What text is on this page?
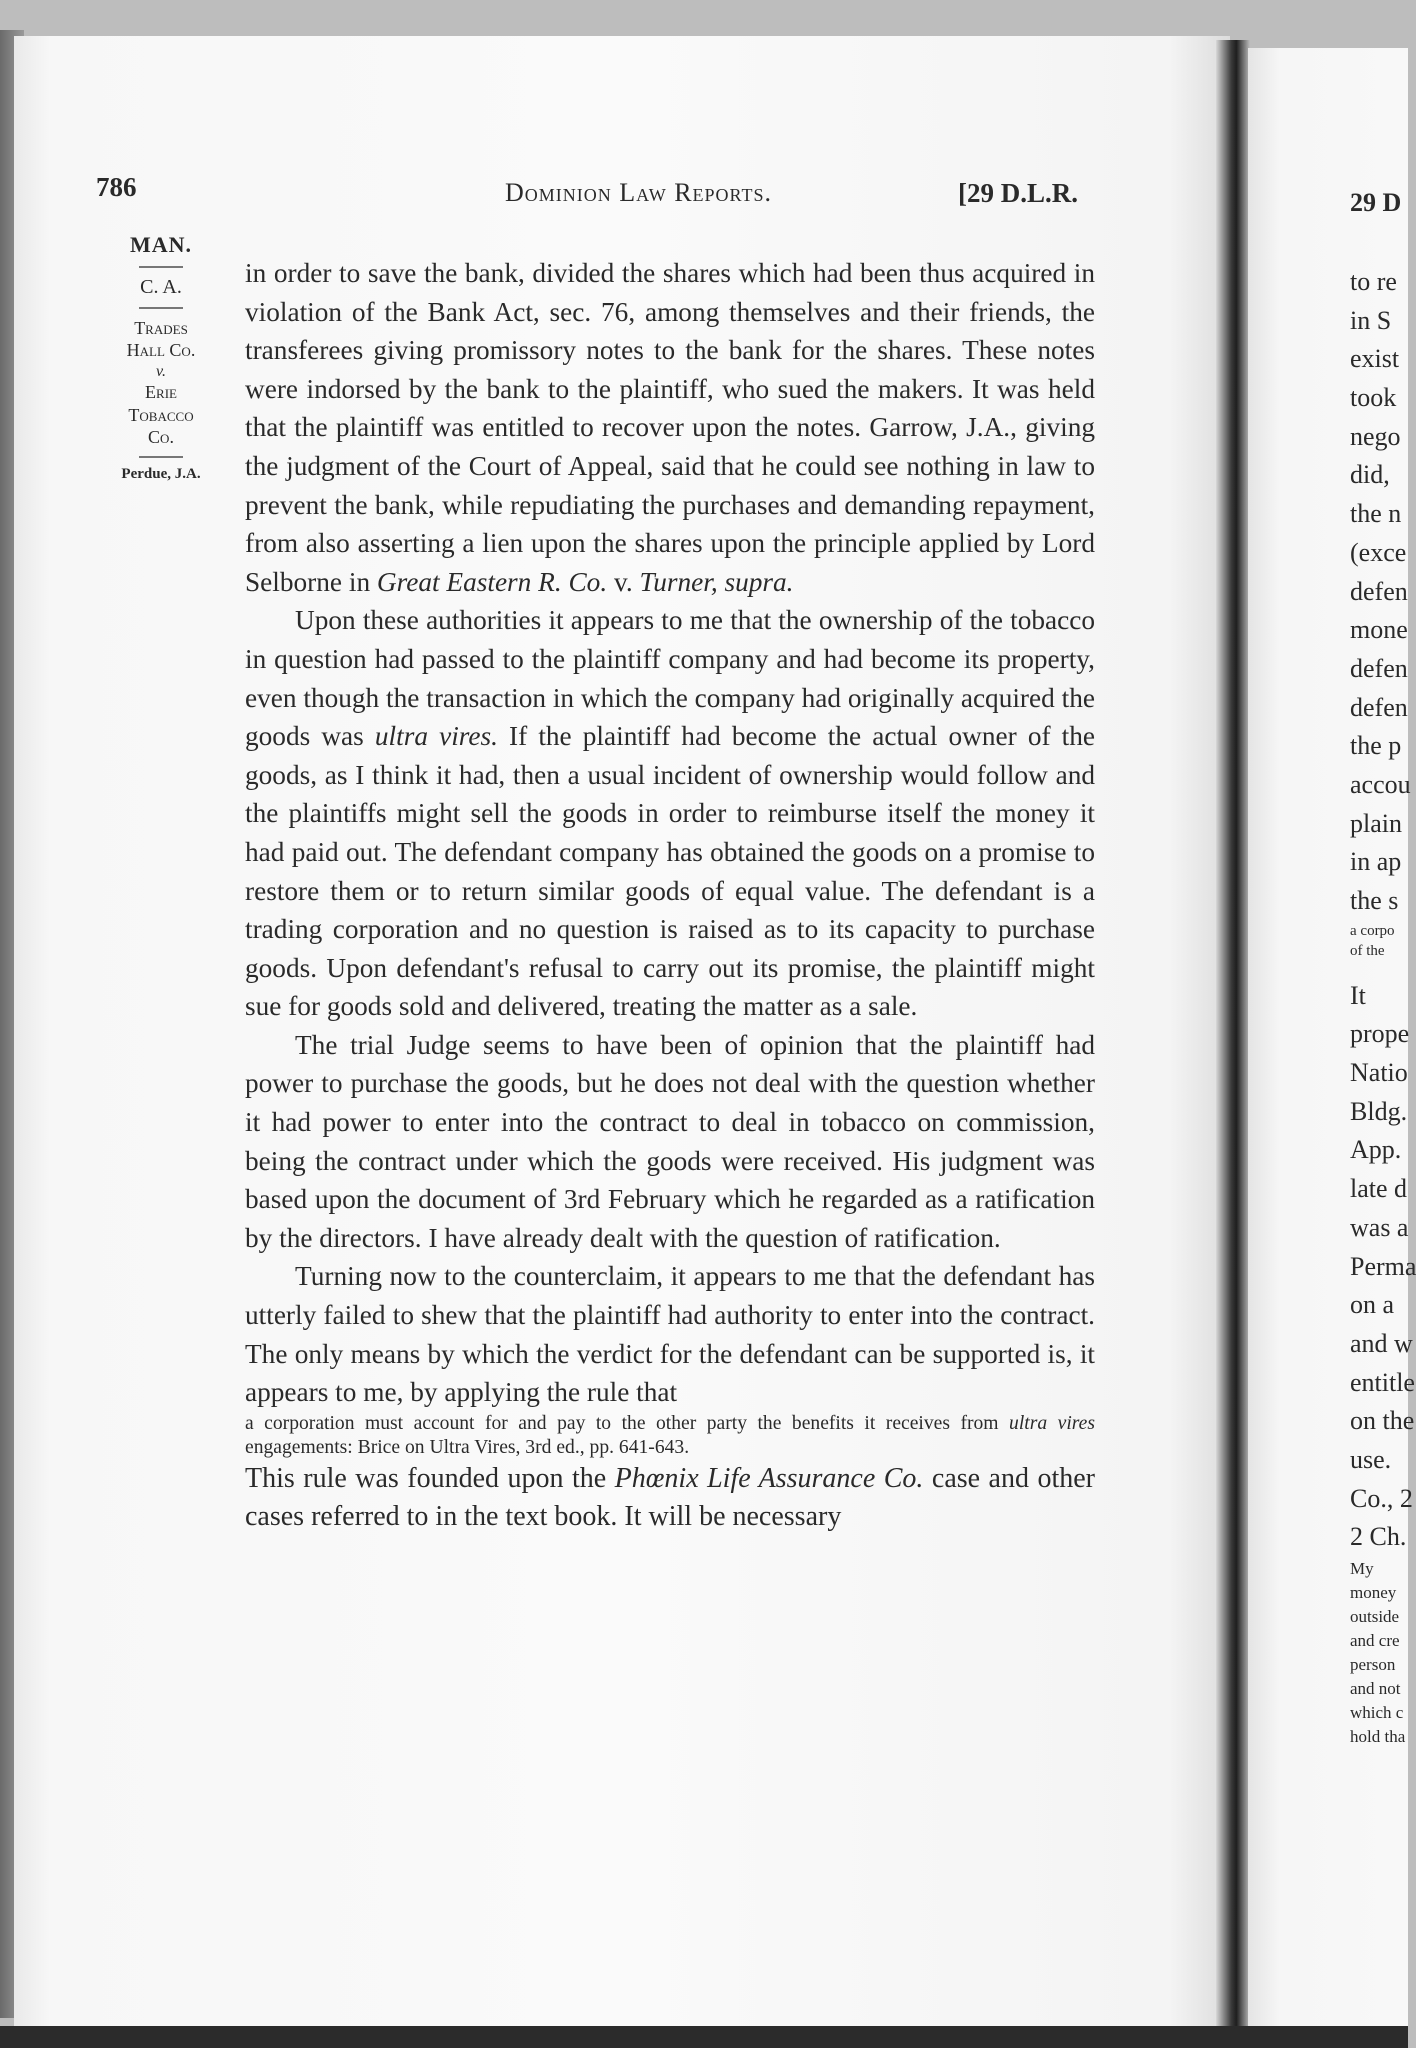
786	Dominion Law Reports.	[29 D.L.R.
MAN.
C. A.
Trades
Hall Co.
v.
Erie
Tobacco
Co.
Perdue, J.A.

in order to save the bank, divided the shares which had been thus acquired in violation of the Bank Act, sec. 76, among themselves and their friends, the transferees giving promissory notes to the bank for the shares. These notes were indorsed by the bank to the plaintiff, who sued the makers. It was held that the plaintiff was entitled to recover upon the notes. Garrow, J.A., giving the judgment of the Court of Appeal, said that he could see nothing in law to prevent the bank, while repudiating the purchases and demanding repayment, from also asserting a lien upon the shares upon the principle applied by Lord Selborne in Great Eastern R. Co. v. Turner, supra.

Upon these authorities it appears to me that the ownership of the tobacco in question had passed to the plaintiff company and had become its property, even though the transaction in which the company had originally acquired the goods was ultra vires. If the plaintiff had become the actual owner of the goods, as I think it had, then a usual incident of ownership would follow and the plaintiffs might sell the goods in order to reimburse itself the money it had paid out. The defendant company has obtained the goods on a promise to restore them or to return similar goods of equal value. The defendant is a trading corporation and no question is raised as to its capacity to purchase goods. Upon defendant's refusal to carry out its promise, the plaintiff might sue for goods sold and delivered, treating the matter as a sale.

The trial Judge seems to have been of opinion that the plaintiff had power to purchase the goods, but he does not deal with the question whether it had power to enter into the contract to deal in tobacco on commission, being the contract under which the goods were received. His judgment was based upon the document of 3rd February which he regarded as a ratification by the directors. I have already dealt with the question of ratification.

Turning now to the counterclaim, it appears to me that the defendant has utterly failed to shew that the plaintiff had authority to enter into the contract. The only means by which the verdict for the defendant can be supported is, it appears to me, by applying the rule that

a corporation must account for and pay to the other party the benefits it receives from ultra vires engagements: Brice on Ultra Vires, 3rd ed., pp. 641-643.

This rule was founded upon the Phœnix Life Assurance Co. case and other cases referred to in the text book. It will be necessary

29 D
to re
in S
exist
took
nego
did,
the n
(exce
defen
mone
defen
defen
the p
accou
plain
in ap
the s
a corpo
of the
It
prope
Natio
Bldg.
App.
late d
was a
Perma
on a
and w
entitle
on the
use.
Co., 2
2 Ch.
My
money
outside
and cre
person
and not
which c
hold tha
